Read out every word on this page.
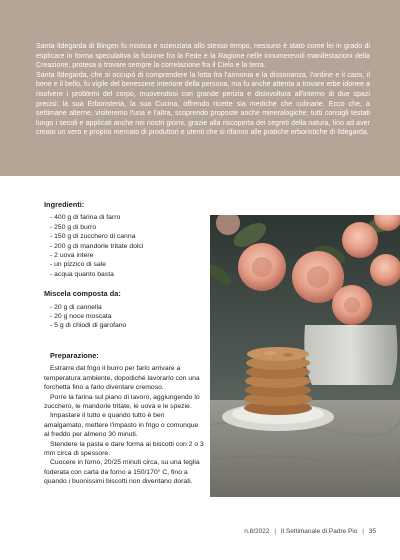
Santa Ildegarda di Bingen fu mistica e scienziata allo stesso tempo, nessuno è stato come lei in grado di esplicare in forma speculativa la fusione fra la Fede e la Ragione nelle innumerevoli manifestazioni della Creazione, protesa a trovare sempre la correlazione fra il Cielo e la terra.

Santa Ildegarda, che si occupò di comprendere la lotta fra l'armonia e la dissonanza, l'ordine e il caos, il bene e il bello, fu vigile del benessere interiore della persona, ma fu anche attenta a trovare erbe idonee a risolvere i problemi del corpo, muovendosi con grande perizia e disinvoltura all'interno di due spazi precisi: la sua Erboristeria, la sua Cucina, offrendo ricette sia mediche che culinarie. Ecco che, a settimane alterne, visiteremo l'una e l'altra, scoprendo proposte anche mineralogiche: tutti consigli testati lungo i secoli e applicati anche nei nostri giorni, grazie alla riscoperta dei segreti della natura, fino ad aver creato un vero e proprio mercato di produttori e utenti che si rifanno alle pratiche erboristiche di Ildegarda.

Ingredienti:
- 400 g di farina di farro
- 250 g di burro
- 150 g di zucchero di canna
- 200 g di mandorle tritate dolci
- 2 uova intere
- un pizzico di sale
- acqua quanto basta
Miscela composta da:
- 20 g di cannella
- 20 g noce moscata
- 5 g di chiodi di garofano
Preparazione:

Estrarre dal frigo il burro per farlo arrivare a temperatura ambiente, dopodiché lavorarlo con una forchetta fino a farlo diventare cremoso.

Porre la farina sul piano di lavoro, aggiungendo lo zucchero, le mandorle tritate, le uova e le spezie.

Impastare il tutto e quando tutto è ben amalgamato, mettere l'impasto in frigo o comunque al freddo per almeno 30 minuti.

Stendere la pasta e dare forma ai biscotti con 2 o 3 mm circa di spessore.

Cuocere in forno, 20/25 minuti circa, su una teglia foderata con carta da forno a 150/170° C, fino a quando i buonissimi biscotti non diventano dorati.

n.8/2022 | Il Settimanale di Padre Pio | 35
